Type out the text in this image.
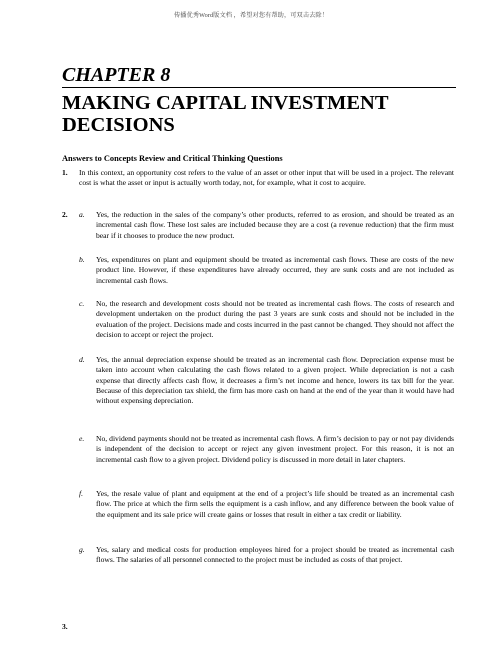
传播优秀Word版文档 ，希望对您有帮助，可双击去除！
CHAPTER 8
MAKING CAPITAL INVESTMENT
DECISIONS
Answers to Concepts Review and Critical Thinking Questions
1. In this context, an opportunity cost refers to the value of an asset or other input that will be used in a project. The relevant cost is what the asset or input is actually worth today, not, for example, what it cost to acquire.
2. a. Yes, the reduction in the sales of the company’s other products, referred to as erosion, and should be treated as an incremental cash flow. These lost sales are included because they are a cost (a revenue reduction) that the firm must bear if it chooses to produce the new product.
b. Yes, expenditures on plant and equipment should be treated as incremental cash flows. These are costs of the new product line. However, if these expenditures have already occurred, they are sunk costs and are not included as incremental cash flows.
c. No, the research and development costs should not be treated as incremental cash flows. The costs of research and development undertaken on the product during the past 3 years are sunk costs and should not be included in the evaluation of the project. Decisions made and costs incurred in the past cannot be changed. They should not affect the decision to accept or reject the project.
d. Yes, the annual depreciation expense should be treated as an incremental cash flow. Depreciation expense must be taken into account when calculating the cash flows related to a given project. While depreciation is not a cash expense that directly affects cash flow, it decreases a firm’s net income and hence, lowers its tax bill for the year. Because of this depreciation tax shield, the firm has more cash on hand at the end of the year than it would have had without expensing depreciation.
e. No, dividend payments should not be treated as incremental cash flows. A firm’s decision to pay or not pay dividends is independent of the decision to accept or reject any given investment project. For this reason, it is not an incremental cash flow to a given project. Dividend policy is discussed in more detail in later chapters.
f. Yes, the resale value of plant and equipment at the end of a project’s life should be treated as an incremental cash flow. The price at which the firm sells the equipment is a cash inflow, and any difference between the book value of the equipment and its sale price will create gains or losses that result in either a tax credit or liability.
g. Yes, salary and medical costs for production employees hired for a project should be treated as incremental cash flows. The salaries of all personnel connected to the project must be included as costs of that project.
3.
